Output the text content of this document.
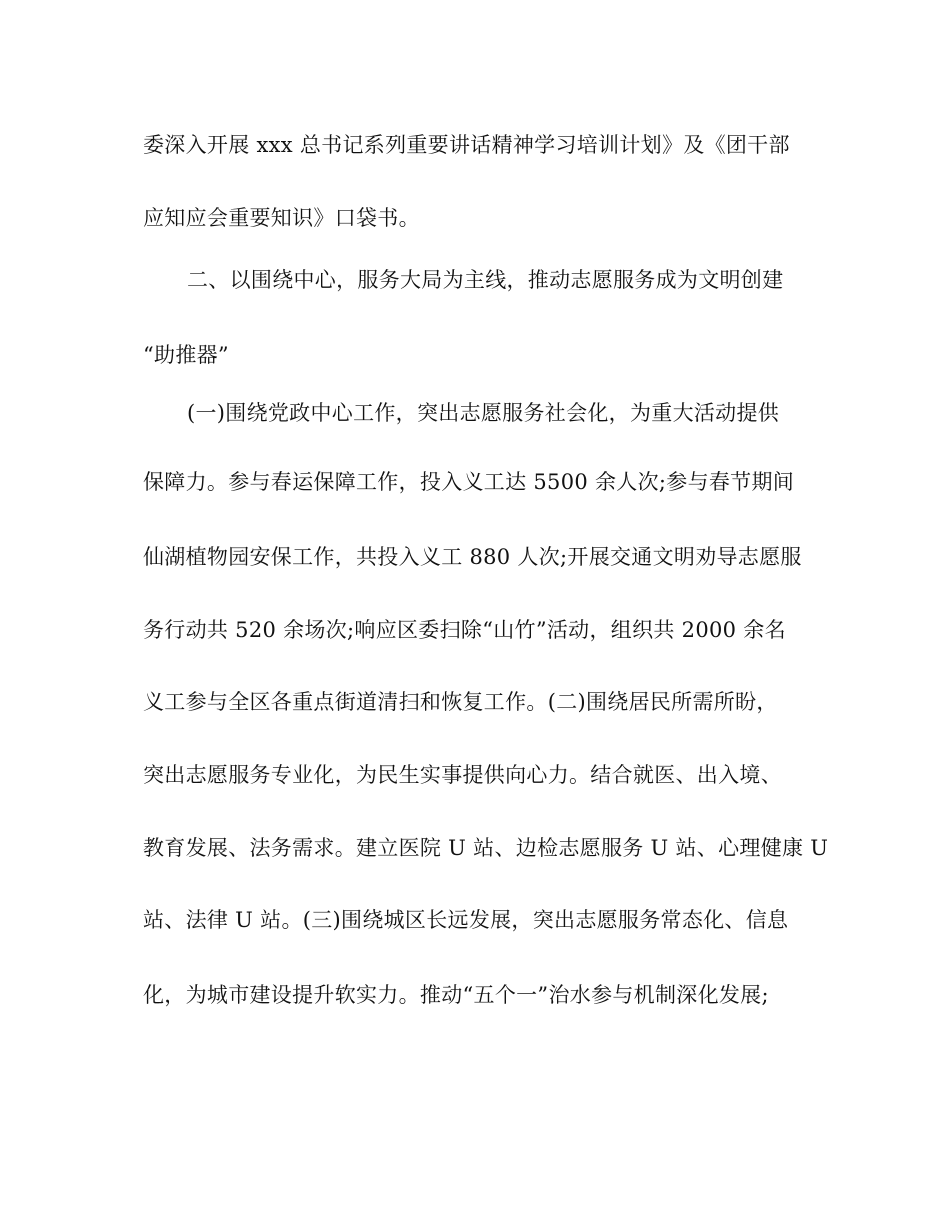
委深入开展 xxx 总书记系列重要讲话精神学习培训计划》及《团干部
应知应会重要知识》口袋书。
二、以围绕中心，服务大局为主线，推动志愿服务成为文明创建
“助推器”
(一)围绕党政中心工作，突出志愿服务社会化，为重大活动提供
保障力。参与春运保障工作，投入义工达 5500 余人次;参与春节期间
仙湖植物园安保工作，共投入义工 880 人次;开展交通文明劝导志愿服
务行动共 520 余场次;响应区委扫除“山竹”活动，组织共 2000 余名
义工参与全区各重点街道清扫和恢复工作。(二)围绕居民所需所盼，
突出志愿服务专业化，为民生实事提供向心力。结合就医、出入境、
教育发展、法务需求。建立医院 U 站、边检志愿服务 U 站、心理健康 U
站、法律 U 站。(三)围绕城区长远发展，突出志愿服务常态化、信息
化，为城市建设提升软实力。推动“五个一”治水参与机制深化发展;
